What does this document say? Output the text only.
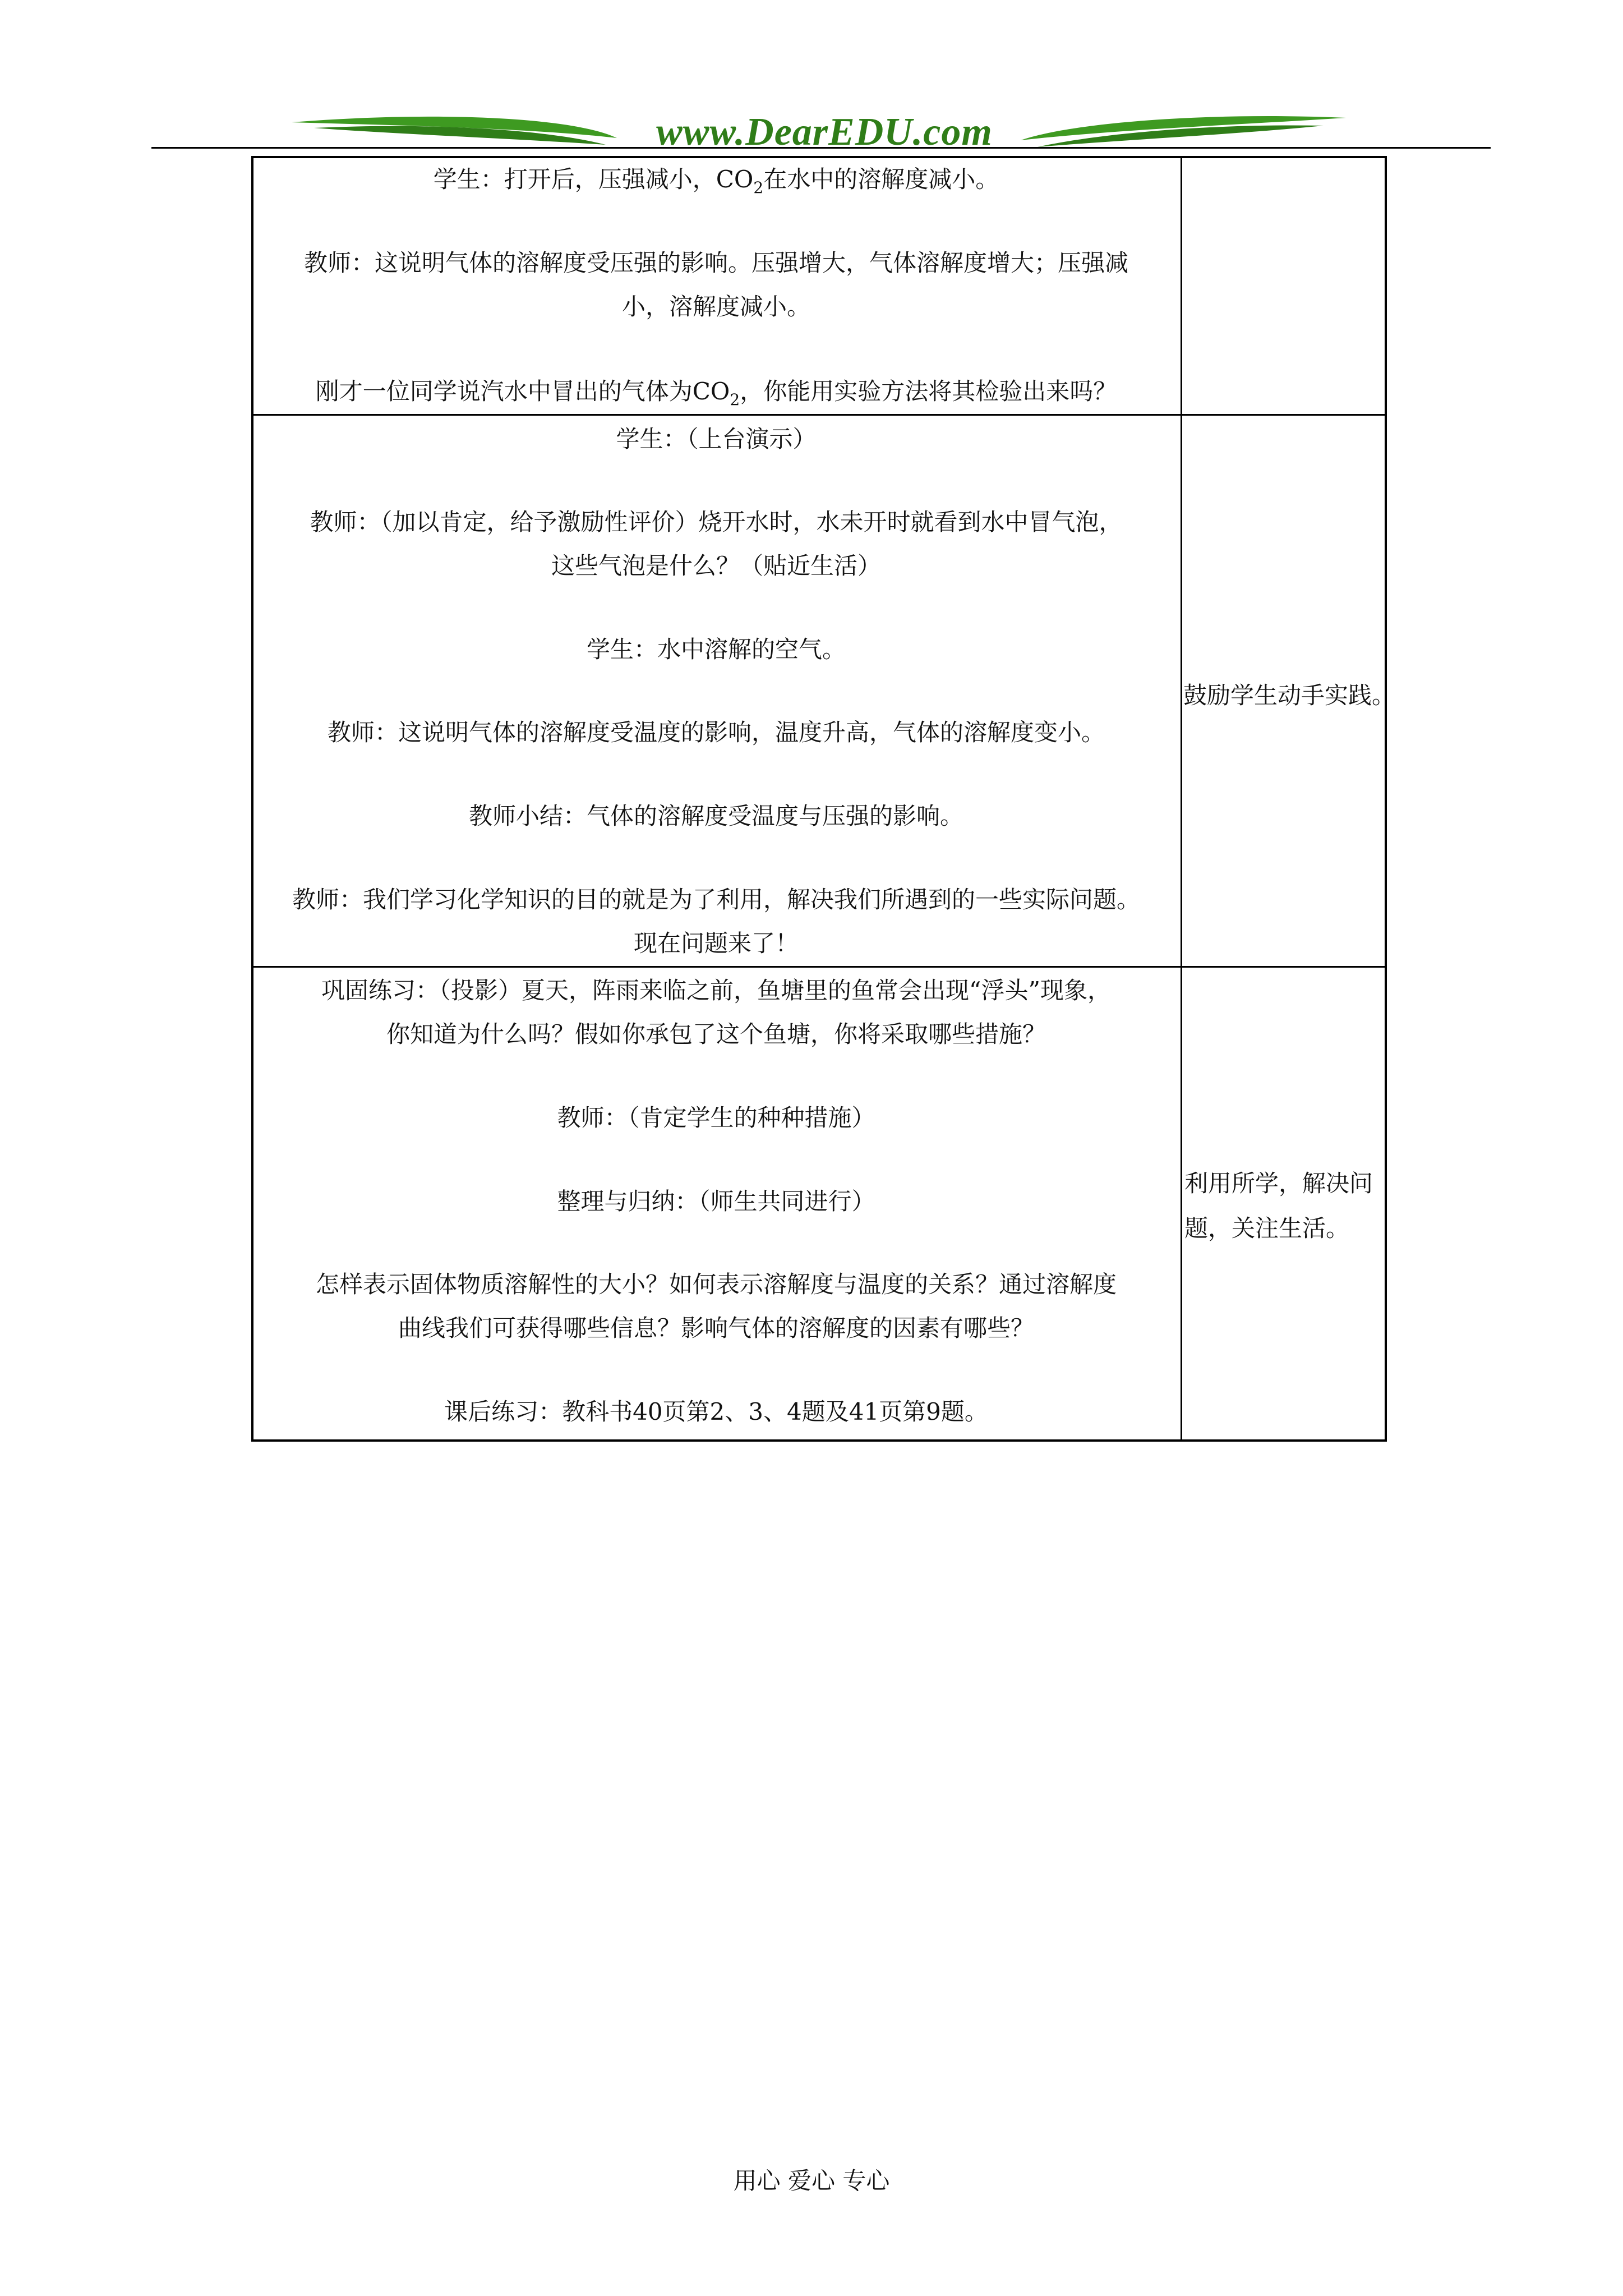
www.DearEDU.com
学生：打开后，压强减小，$CO_2$在水中的溶解度减小。
教师：这说明气体的溶解度受压强的影响。压强增大，气体溶解度增大；压强减
小，溶解度减小。
刚才一位同学说汽水中冒出的气体为$CO_2$，你能用实验方法将其检验出来吗？
学生：（上台演示）
教师：（加以肯定，给予激励性评价）烧开水时，水未开时就看到水中冒气泡，
这些气泡是什么？（贴近生活）
学生：水中溶解的空气。
教师：这说明气体的溶解度受温度的影响，温度升高，气体的溶解度变小。
教师小结：气体的溶解度受温度与压强的影响。
教师：我们学习化学知识的目的就是为了利用，解决我们所遇到的一些实际问题。
现在问题来了！
鼓励学生动手实践。
巩固练习：（投影）夏天，阵雨来临之前，鱼塘里的鱼常会出现“浮头”现象，
你知道为什么吗？假如你承包了这个鱼塘，你将采取哪些措施？
教师：（肯定学生的种种措施）
整理与归纳：（师生共同进行）
怎样表示固体物质溶解性的大小？如何表示溶解度与温度的关系？通过溶解度
曲线我们可获得哪些信息？影响气体的溶解度的因素有哪些？
课后练习：教科书40页第2、3、4题及41页第9题。
利用所学，解决问题，关注生活。
用心 爱心 专心
